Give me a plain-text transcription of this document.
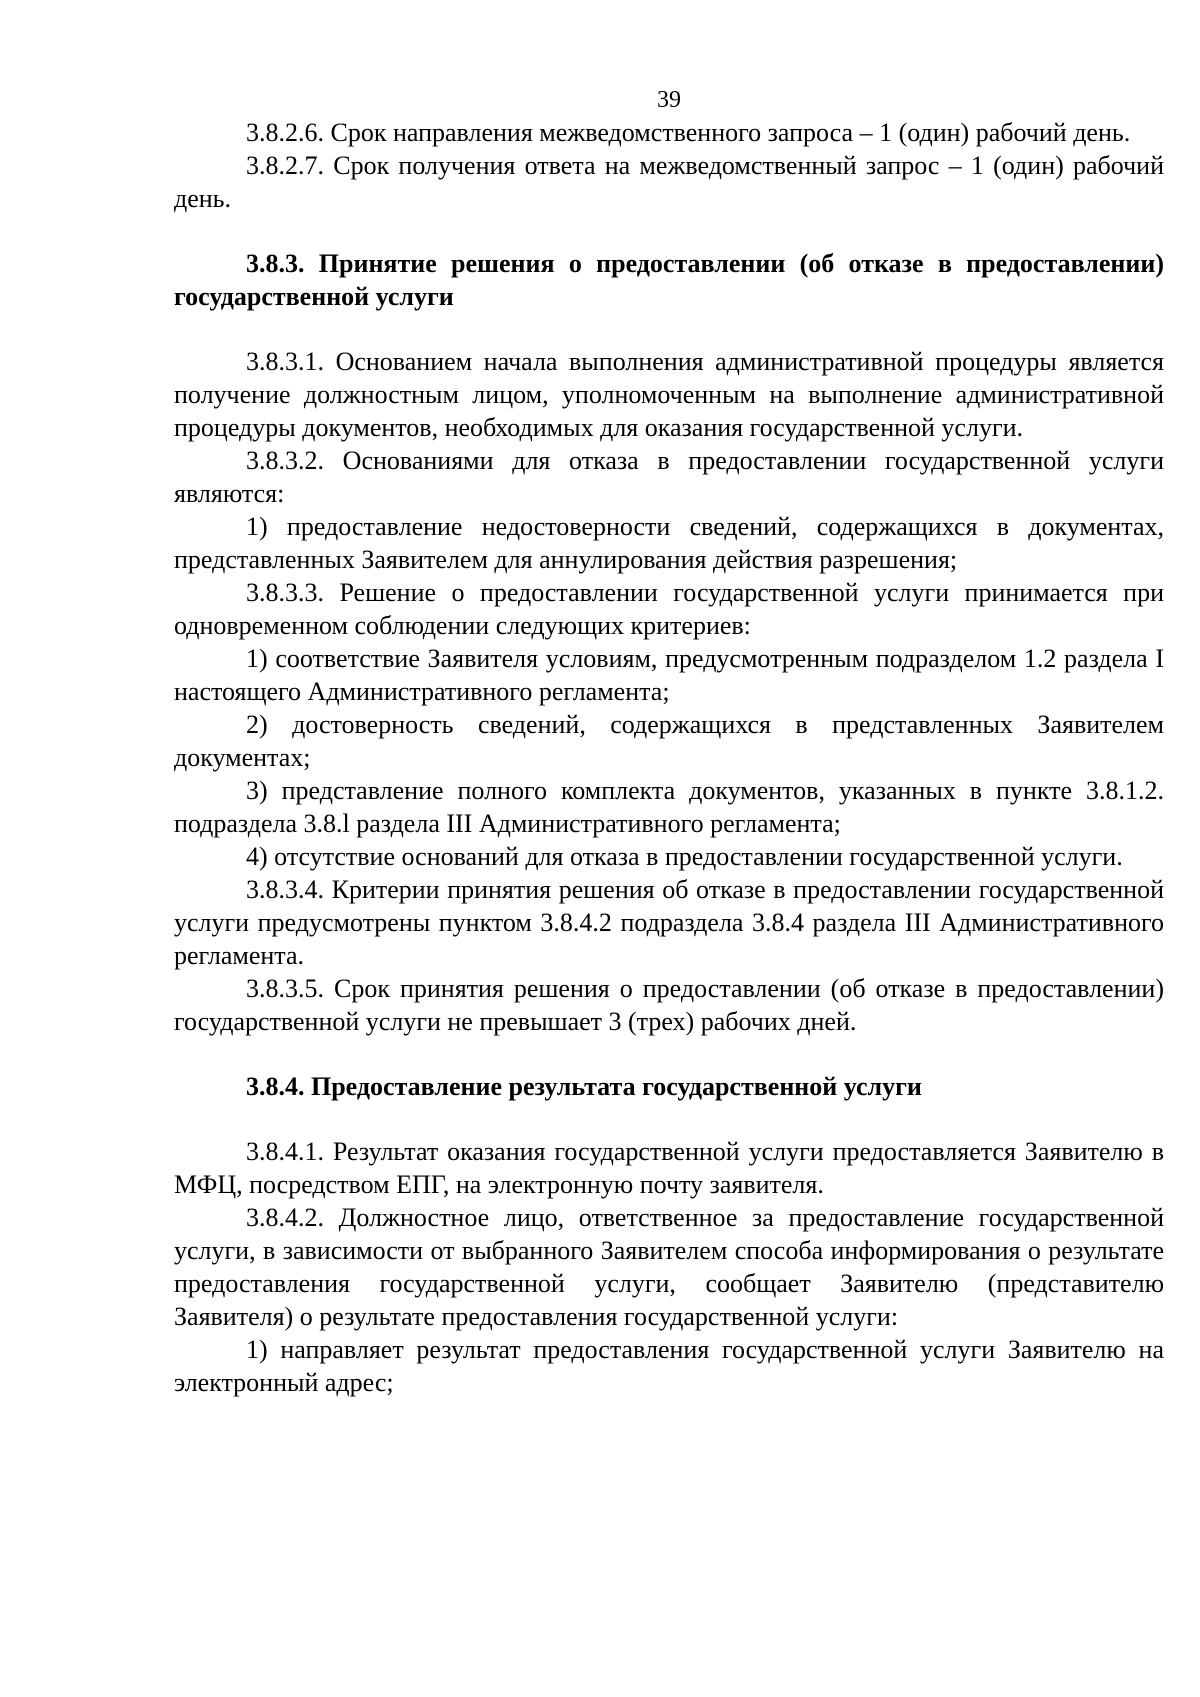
39

3.8.2.6. Срок направления межведомственного запроса – 1 (один) рабочий день.

3.8.2.7. Срок получения ответа на межведомственный запрос – 1 (один) рабочий день.

3.8.3. Принятие решения о предоставлении (об отказе в предоставлении) государственной услуги

3.8.3.1. Основанием начала выполнения административной процедуры является получение должностным лицом, уполномоченным на выполнение административной процедуры документов, необходимых для оказания государственной услуги.

3.8.3.2. Основаниями для отказа в предоставлении государственной услуги являются:

1) предоставление недостоверности сведений, содержащихся в документах, представленных Заявителем для аннулирования действия разрешения;

3.8.3.3. Решение о предоставлении государственной услуги принимается при одновременном соблюдении следующих критериев:

1) соответствие Заявителя условиям, предусмотренным подразделом 1.2 раздела I настоящего Административного регламента;

2) достоверность сведений, содержащихся в представленных Заявителем документах;

3) представление полного комплекта документов, указанных в пункте 3.8.1.2. подраздела 3.8.l раздела III Административного регламента;

4) отсутствие оснований для отказа в предоставлении государственной услуги.

3.8.3.4. Критерии принятия решения об отказе в предоставлении государственной услуги предусмотрены пунктом 3.8.4.2 подраздела 3.8.4 раздела III Административного регламента.

3.8.3.5. Срок принятия решения о предоставлении (об отказе в предоставлении) государственной услуги не превышает 3 (трех) рабочих дней.

3.8.4. Предоставление результата государственной услуги

3.8.4.1. Результат оказания государственной услуги предоставляется Заявителю в МФЦ, посредством ЕПГ, на электронную почту заявителя.

3.8.4.2. Должностное лицо, ответственное за предоставление государственной услуги, в зависимости от выбранного Заявителем способа информирования о результате предоставления государственной услуги, сообщает Заявителю (представителю Заявителя) о результате предоставления государственной услуги:

1) направляет результат предоставления государственной услуги Заявителю на электронный адрес;
